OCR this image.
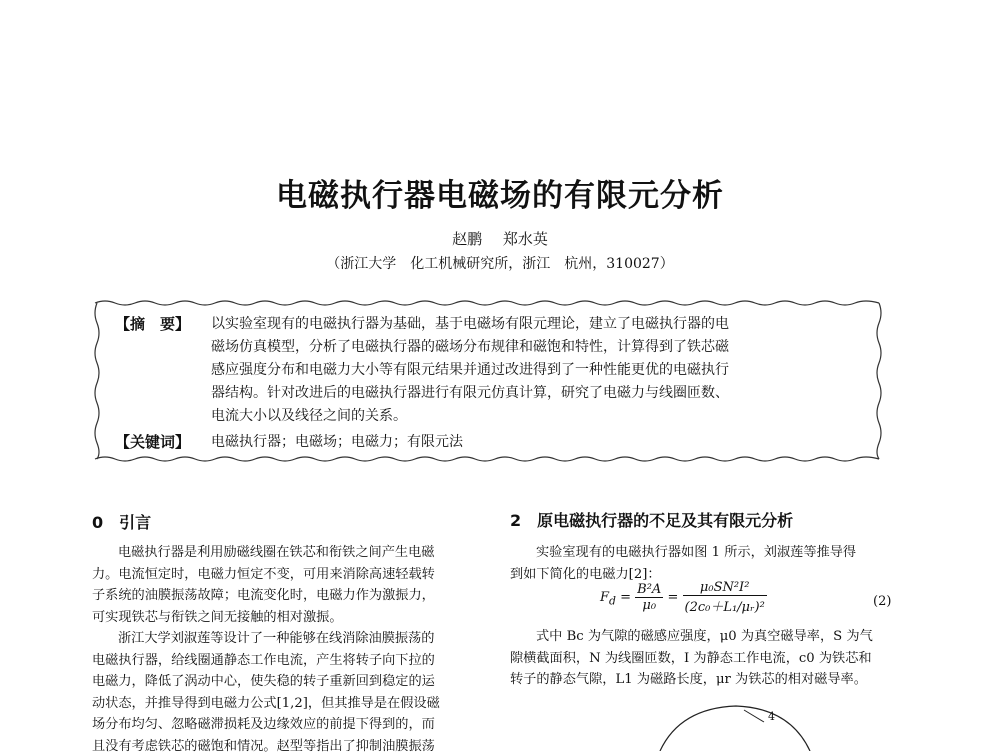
电磁执行器电磁场的有限元分析
赵鹏 郑水英
（浙江大学　化工机械研究所，浙江　杭州，310027）
【摘　要】 以实验室现有的电磁执行器为基础，基于电磁场有限元理论，建立了电磁执行器的电
磁场仿真模型，分析了电磁执行器的磁场分布规律和磁饱和特性，计算得到了铁芯磁
感应强度分布和电磁力大小等有限元结果并通过改进得到了一种性能更优的电磁执行
器结构。针对改进后的电磁执行器进行有限元仿真计算，研究了电磁力与线圈匝数、
电流大小以及线径之间的关系。
【关键词】 电磁执行器；电磁场；电磁力；有限元法
0　引言
电磁执行器是利用励磁线圈在铁芯和衔铁之间产生电磁
力。电流恒定时，电磁力恒定不变，可用来消除高速轻载转
子系统的油膜振荡故障；电流变化时，电磁力作为激振力，
可实现铁芯与衔铁之间无接触的相对激振。
浙江大学刘淑莲等设计了一种能够在线消除油膜振荡的
电磁执行器，给线圈通静态工作电流，产生将转子向下拉的
电磁力，降低了涡动中心，使失稳的转子重新回到稳定的运
动状态，并推导得到电磁力公式[1,2]，但其推导是在假设磁
场分布均匀、忽略磁滞损耗及边缘效应的前提下得到的，而
且没有考虑铁芯的磁饱和情况。赵型等指出了抑制油膜振荡
2　原电磁执行器的不足及其有限元分析
实验室现有的电磁执行器如图 1 所示，刘淑莲等推导得
到如下简化的电磁力[2]：
$F_d = \frac{\text{B²A}}{\text{μ₀}} = \frac{\text{μ₀SN²I²}}{\text{(2c₀＋L₁/μᵣ)²}}$	(2)
式中 Bc 为气隙的磁感应强度，μ0 为真空磁导率，S 为气
隙横截面积，N 为线圈匝数，I 为静态工作电流，c0 为铁芯和
转子的静态气隙，L1 为磁路长度，μr 为铁芯的相对磁导率。
4
